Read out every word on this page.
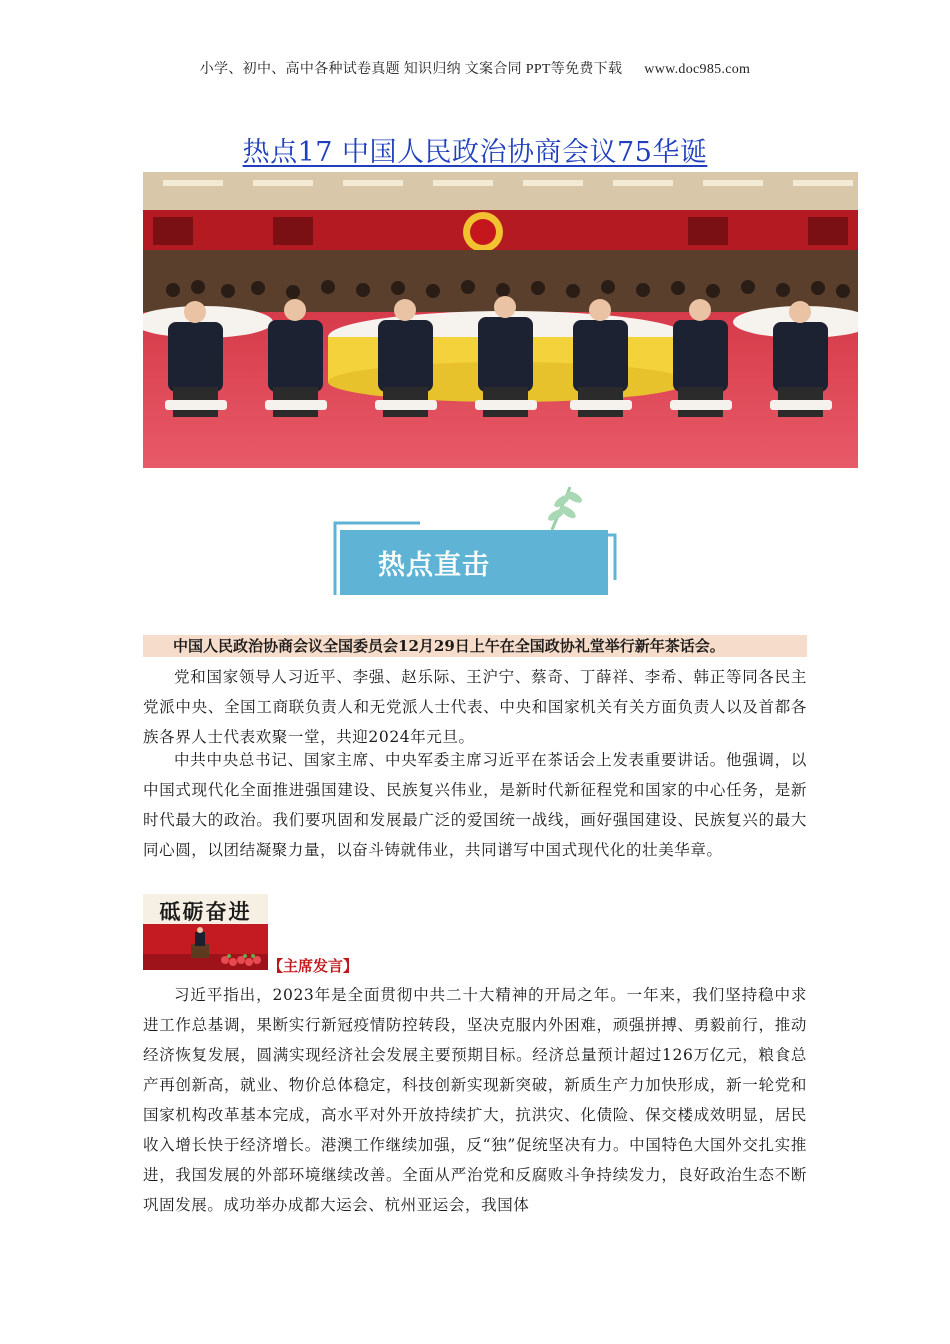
小学、初中、高中各种试卷真题 知识归纳 文案合同 PPT等免费下载 www.doc985.com
热点17 中国人民政治协商会议75华诞
热点直击
中国人民政治协商会议全国委员会12月29日上午在全国政协礼堂举行新年茶话会。
党和国家领导人习近平、李强、赵乐际、王沪宁、蔡奇、丁薛祥、李希、韩正等同各民主党派中央、全国工商联负责人和无党派人士代表、中央和国家机关有关方面负责人以及首都各族各界人士代表欢聚一堂，共迎2024年元旦。
中共中央总书记、国家主席、中央军委主席习近平在茶话会上发表重要讲话。他强调，以中国式现代化全面推进强国建设、民族复兴伟业，是新时代新征程党和国家的中心任务，是新时代最大的政治。我们要巩固和发展最广泛的爱国统一战线，画好强国建设、民族复兴的最大同心圆，以团结凝聚力量，以奋斗铸就伟业，共同谱写中国式现代化的壮美华章。
砥砺奋进
【主席发言】
习近平指出，2023年是全面贯彻中共二十大精神的开局之年。一年来，我们坚持稳中求进工作总基调，果断实行新冠疫情防控转段，坚决克服内外困难，顽强拼搏、勇毅前行，推动经济恢复发展，圆满实现经济社会发展主要预期目标。经济总量预计超过126万亿元，粮食总产再创新高，就业、物价总体稳定，科技创新实现新突破，新质生产力加快形成，新一轮党和国家机构改革基本完成，高水平对外开放持续扩大，抗洪灾、化债险、保交楼成效明显，居民收入增长快于经济增长。港澳工作继续加强，反“独”促统坚决有力。中国特色大国外交扎实推进，我国发展的外部环境继续改善。全面从严治党和反腐败斗争持续发力，良好政治生态不断巩固发展。成功举办成都大运会、杭州亚运会，我国体
